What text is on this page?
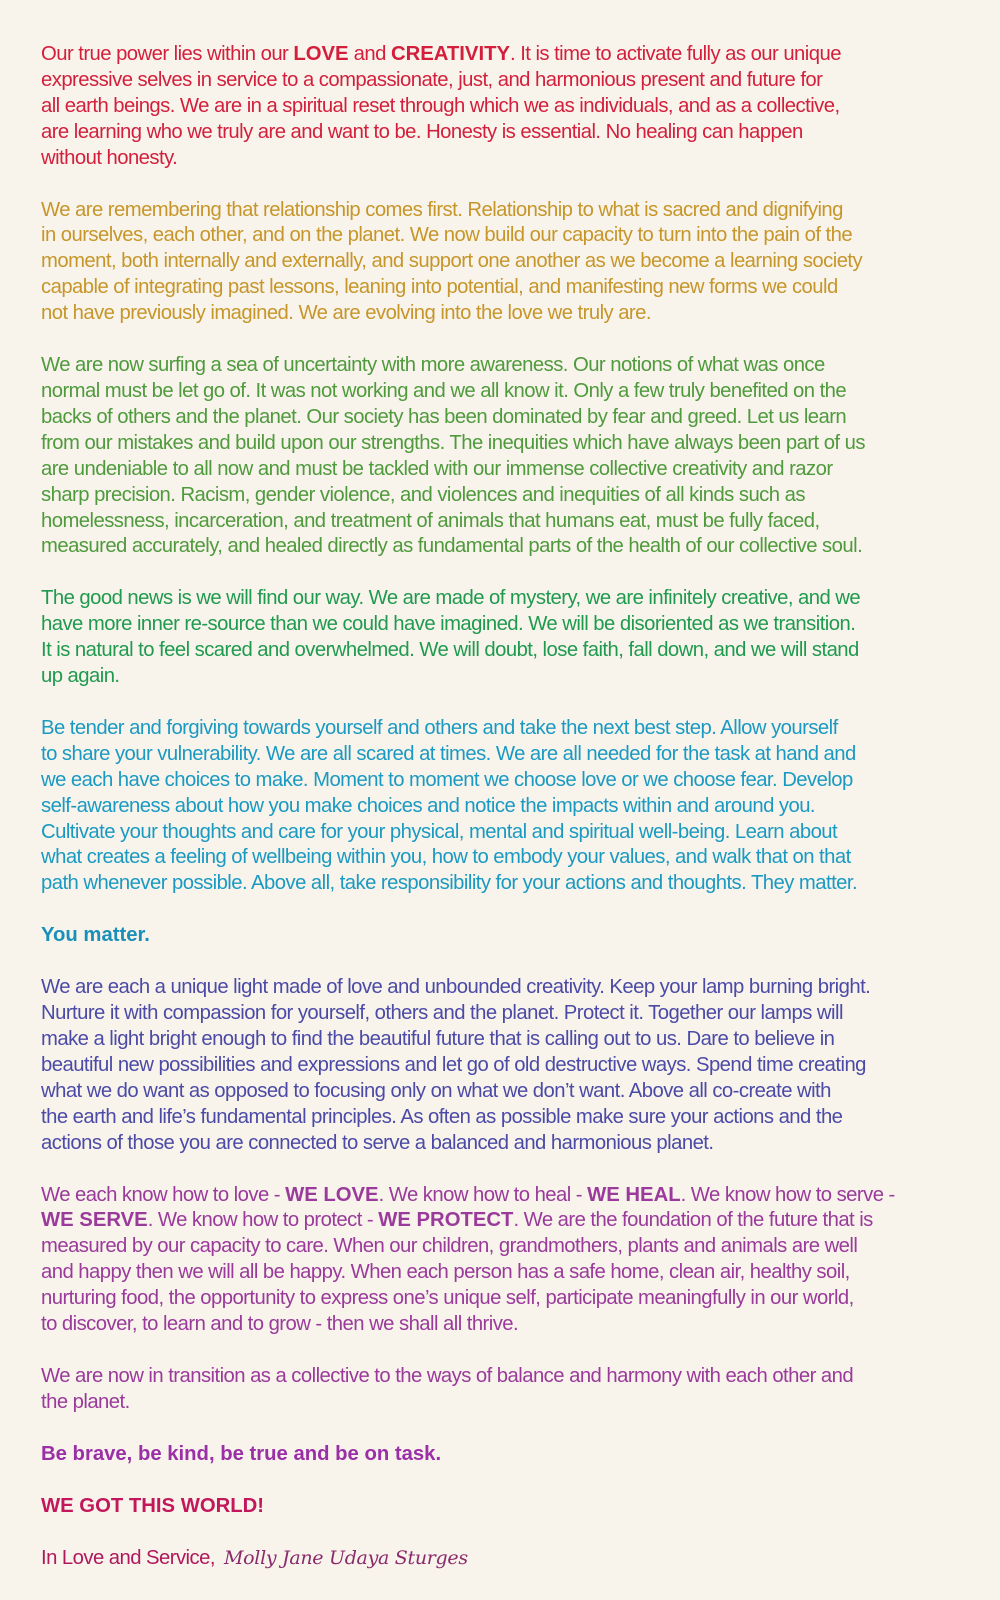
Our true power lies within our LOVE and CREATIVITY. It is time to activate fully as our unique
expressive selves in service to a compassionate, just, and harmonious present and future for
all earth beings. We are in a spiritual reset through which we as individuals, and as a collective,
are learning who we truly are and want to be. Honesty is essential. No healing can happen
without honesty.

We are remembering that relationship comes first. Relationship to what is sacred and dignifying
in ourselves, each other, and on the planet. We now build our capacity to turn into the pain of the
moment, both internally and externally, and support one another as we become a learning society
capable of integrating past lessons, leaning into potential, and manifesting new forms we could
not have previously imagined. We are evolving into the love we truly are.

We are now surfing a sea of uncertainty with more awareness. Our notions of what was once
normal must be let go of. It was not working and we all know it. Only a few truly benefited on the
backs of others and the planet. Our society has been dominated by fear and greed. Let us learn
from our mistakes and build upon our strengths. The inequities which have always been part of us
are undeniable to all now and must be tackled with our immense collective creativity and razor
sharp precision. Racism, gender violence, and violences and inequities of all kinds such as
homelessness, incarceration, and treatment of animals that humans eat, must be fully faced,
measured accurately, and healed directly as fundamental parts of the health of our collective soul.

The good news is we will find our way. We are made of mystery, we are infinitely creative, and we
have more inner re-source than we could have imagined. We will be disoriented as we transition.
It is natural to feel scared and overwhelmed. We will doubt, lose faith, fall down, and we will stand
up again.

Be tender and forgiving towards yourself and others and take the next best step. Allow yourself
to share your vulnerability. We are all scared at times. We are all needed for the task at hand and
we each have choices to make. Moment to moment we choose love or we choose fear. Develop
self-awareness about how you make choices and notice the impacts within and around you.
Cultivate your thoughts and care for your physical, mental and spiritual well-being. Learn about
what creates a feeling of wellbeing within you, how to embody your values, and walk that on that
path whenever possible. Above all, take responsibility for your actions and thoughts. They matter.

You matter.

We are each a unique light made of love and unbounded creativity. Keep your lamp burning bright.
Nurture it with compassion for yourself, others and the planet. Protect it. Together our lamps will
make a light bright enough to find the beautiful future that is calling out to us. Dare to believe in
beautiful new possibilities and expressions and let go of old destructive ways. Spend time creating
what we do want as opposed to focusing only on what we don’t want. Above all co-create with
the earth and life’s fundamental principles. As often as possible make sure your actions and the
actions of those you are connected to serve a balanced and harmonious planet.

We each know how to love - WE LOVE. We know how to heal - WE HEAL. We know how to serve -
WE SERVE. We know how to protect - WE PROTECT. We are the foundation of the future that is
measured by our capacity to care. When our children, grandmothers, plants and animals are well
and happy then we will all be happy. When each person has a safe home, clean air, healthy soil,
nurturing food, the opportunity to express one’s unique self, participate meaningfully in our world,
to discover, to learn and to grow - then we shall all thrive.

We are now in transition as a collective to the ways of balance and harmony with each other and
the planet.

Be brave, be kind, be true and be on task.

WE GOT THIS WORLD!

In Love and Service, Molly Jane Udaya Sturges
